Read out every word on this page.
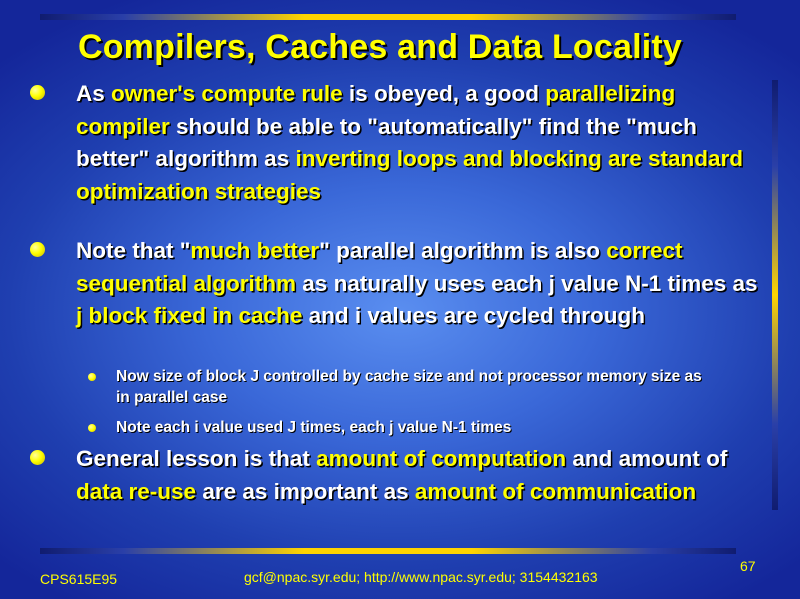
Compilers, Caches and Data Locality
As owner's compute rule is obeyed, a good parallelizing compiler should be able to "automatically" find the "much better" algorithm as inverting loops and blocking are standard optimization strategies
Note that "much better" parallel algorithm is also correct sequential algorithm as naturally uses each j value N-1 times as j block fixed in cache and i values are cycled through
Now size of block J controlled by cache size and not processor memory size as in parallel case
Note each i value used J times, each j value N-1 times
General lesson is that amount of computation and amount of data re-use are as important as amount of communication
CPS615E95	gcf@npac.syr.edu; http://www.npac.syr.edu; 3154432163
67
